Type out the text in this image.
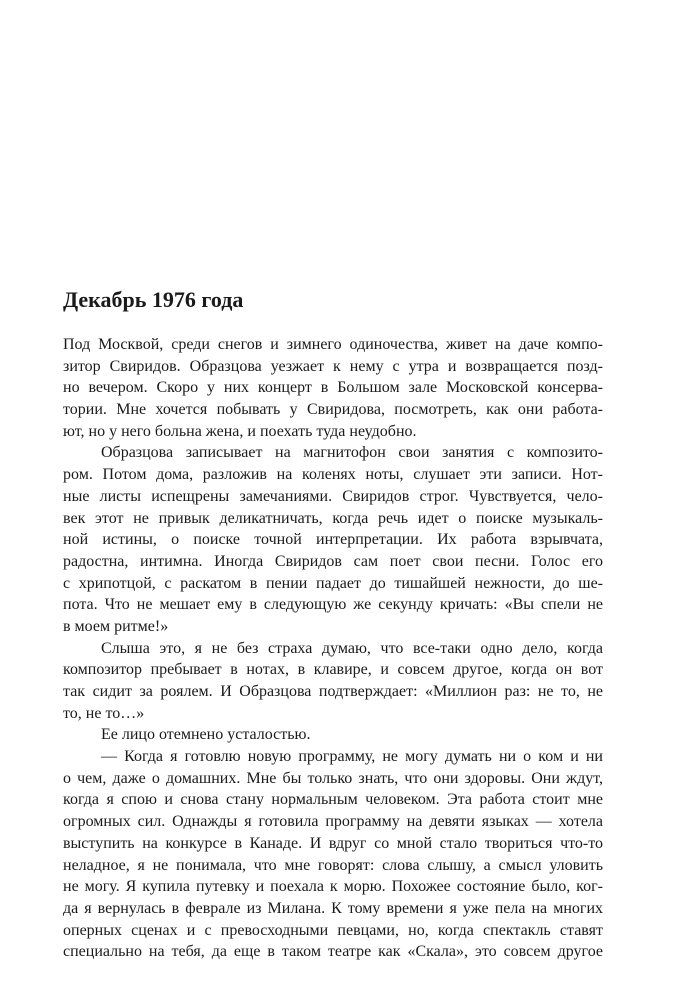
Декабрь 1976 года
Под Москвой, среди снегов и зимнего одиночества, живет на даче компо-
зитор Свиридов. Образцова уезжает к нему с утра и возвращается позд-
но вечером. Скоро у них концерт в Большом зале Московской консерва-
тории. Мне хочется побывать у Свиридова, посмотреть, как они работа-
ют, но у него больна жена, и поехать туда неудобно.
Образцова записывает на магнитофон свои занятия с композито-
ром. Потом дома, разложив на коленях ноты, слушает эти записи. Нот-
ные листы испещрены замечаниями. Свиридов строг. Чувствуется, чело-
век этот не привык деликатничать, когда речь идет о поиске музыкаль-
ной истины, о поиске точной интерпретации. Их работа взрывчата,
радостна, интимна. Иногда Свиридов сам поет свои песни. Голос его
с хрипотцой, с раскатом в пении падает до тишайшей нежности, до ше-
пота. Что не мешает ему в следующую же секунду кричать: «Вы спели не
в моем ритме!»
Слыша это, я не без страха думаю, что все-таки одно дело, когда
композитор пребывает в нотах, в клавире, и совсем другое, когда он вот
так сидит за роялем. И Образцова подтверждает: «Миллион раз: не то, не
то, не то…»
Ее лицо отемнено усталостью.
— Когда я готовлю новую программу, не могу думать ни о ком и ни
о чем, даже о домашних. Мне бы только знать, что они здоровы. Они ждут,
когда я спою и снова стану нормальным человеком. Эта работа стоит мне
огромных сил. Однажды я готовила программу на девяти языках — хотела
выступить на конкурсе в Канаде. И вдруг со мной стало твориться что-то
неладное, я не понимала, что мне говорят: слова слышу, а смысл уловить
не могу. Я купила путевку и поехала к морю. Похожее состояние было, ког-
да я вернулась в феврале из Милана. К тому времени я уже пела на многих
оперных сценах и с превосходными певцами, но, когда спектакль ставят
специально на тебя, да еще в таком театре как «Скала», это совсем другое
